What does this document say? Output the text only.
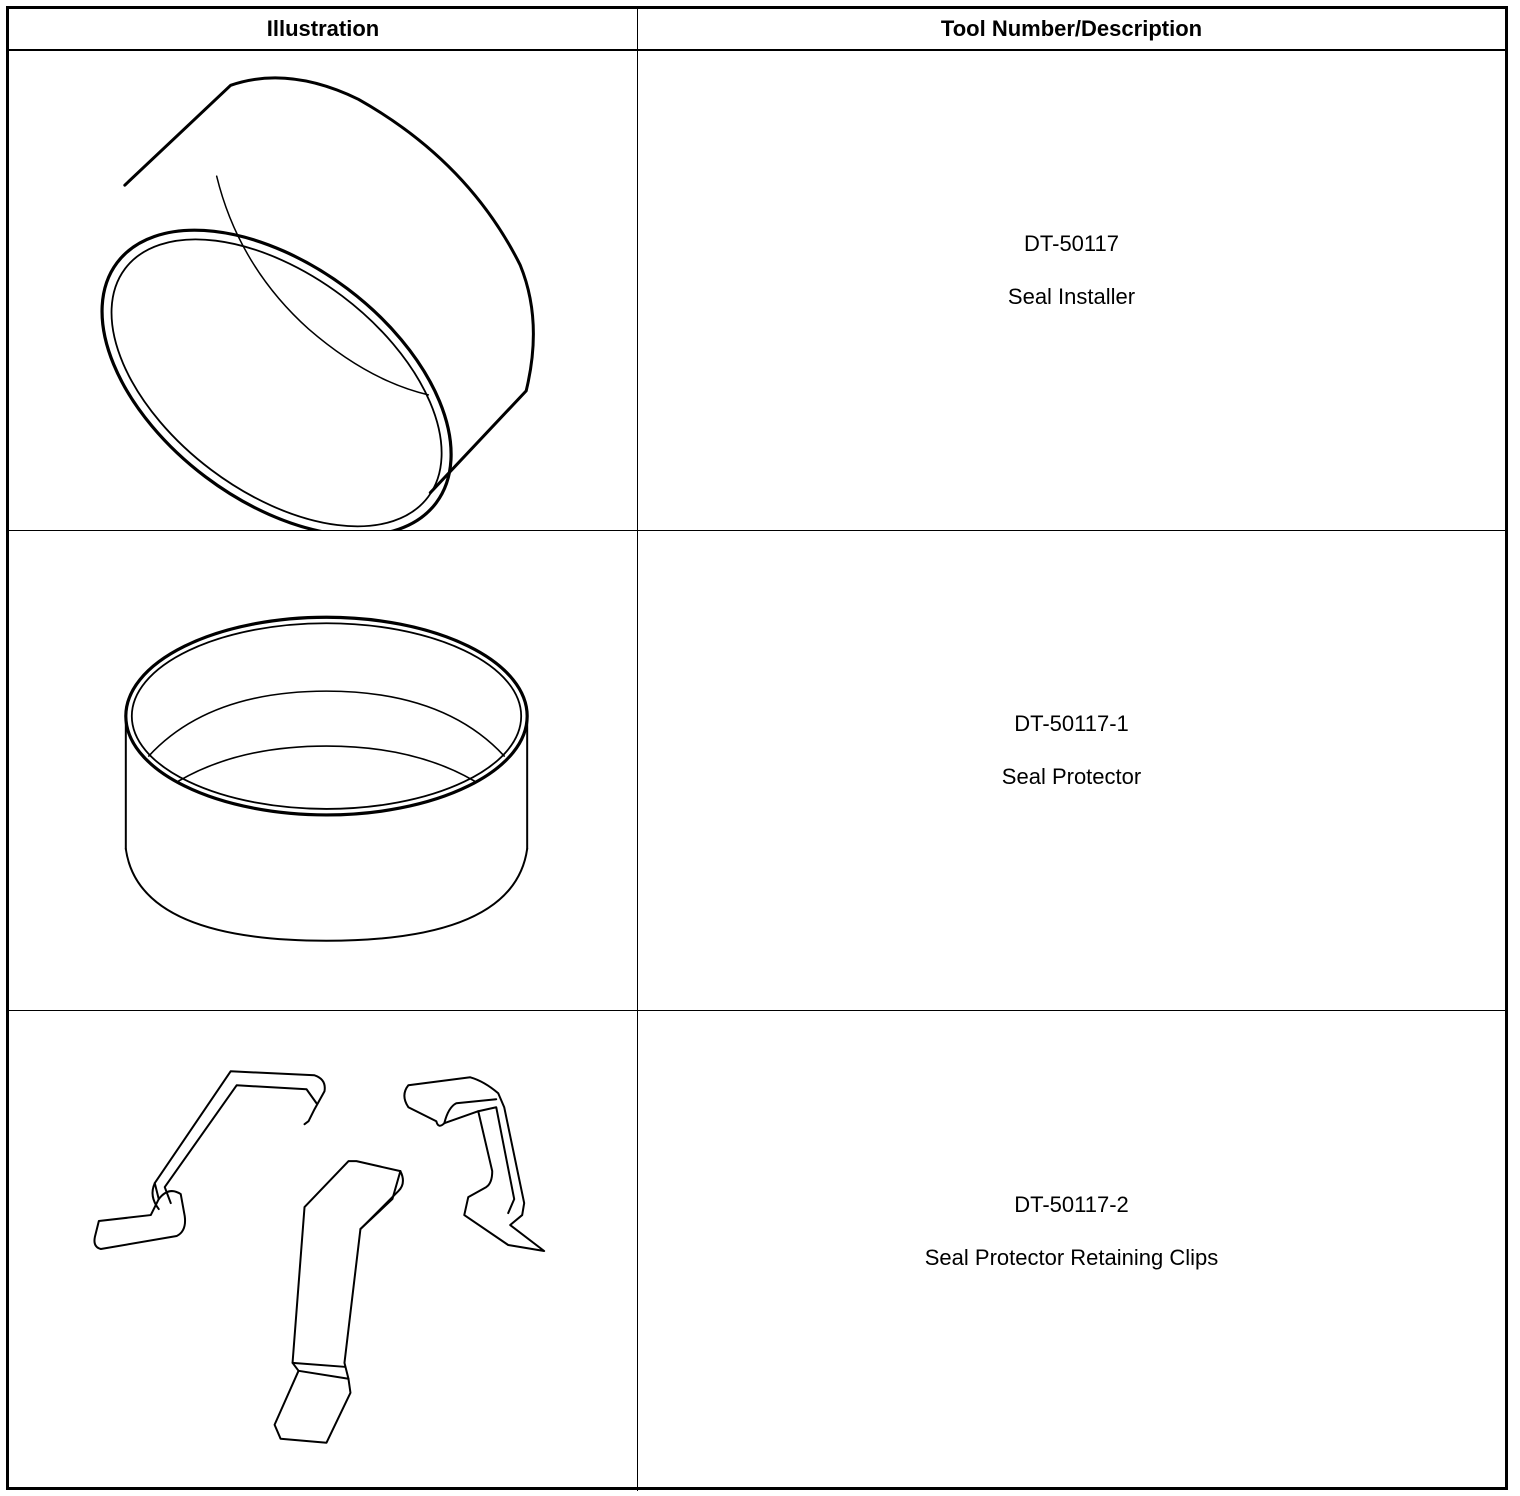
Illustration	Tool Number/Description
DT-50117
Seal Installer
DT-50117-1
Seal Protector
DT-50117-2
Seal Protector Retaining Clips
